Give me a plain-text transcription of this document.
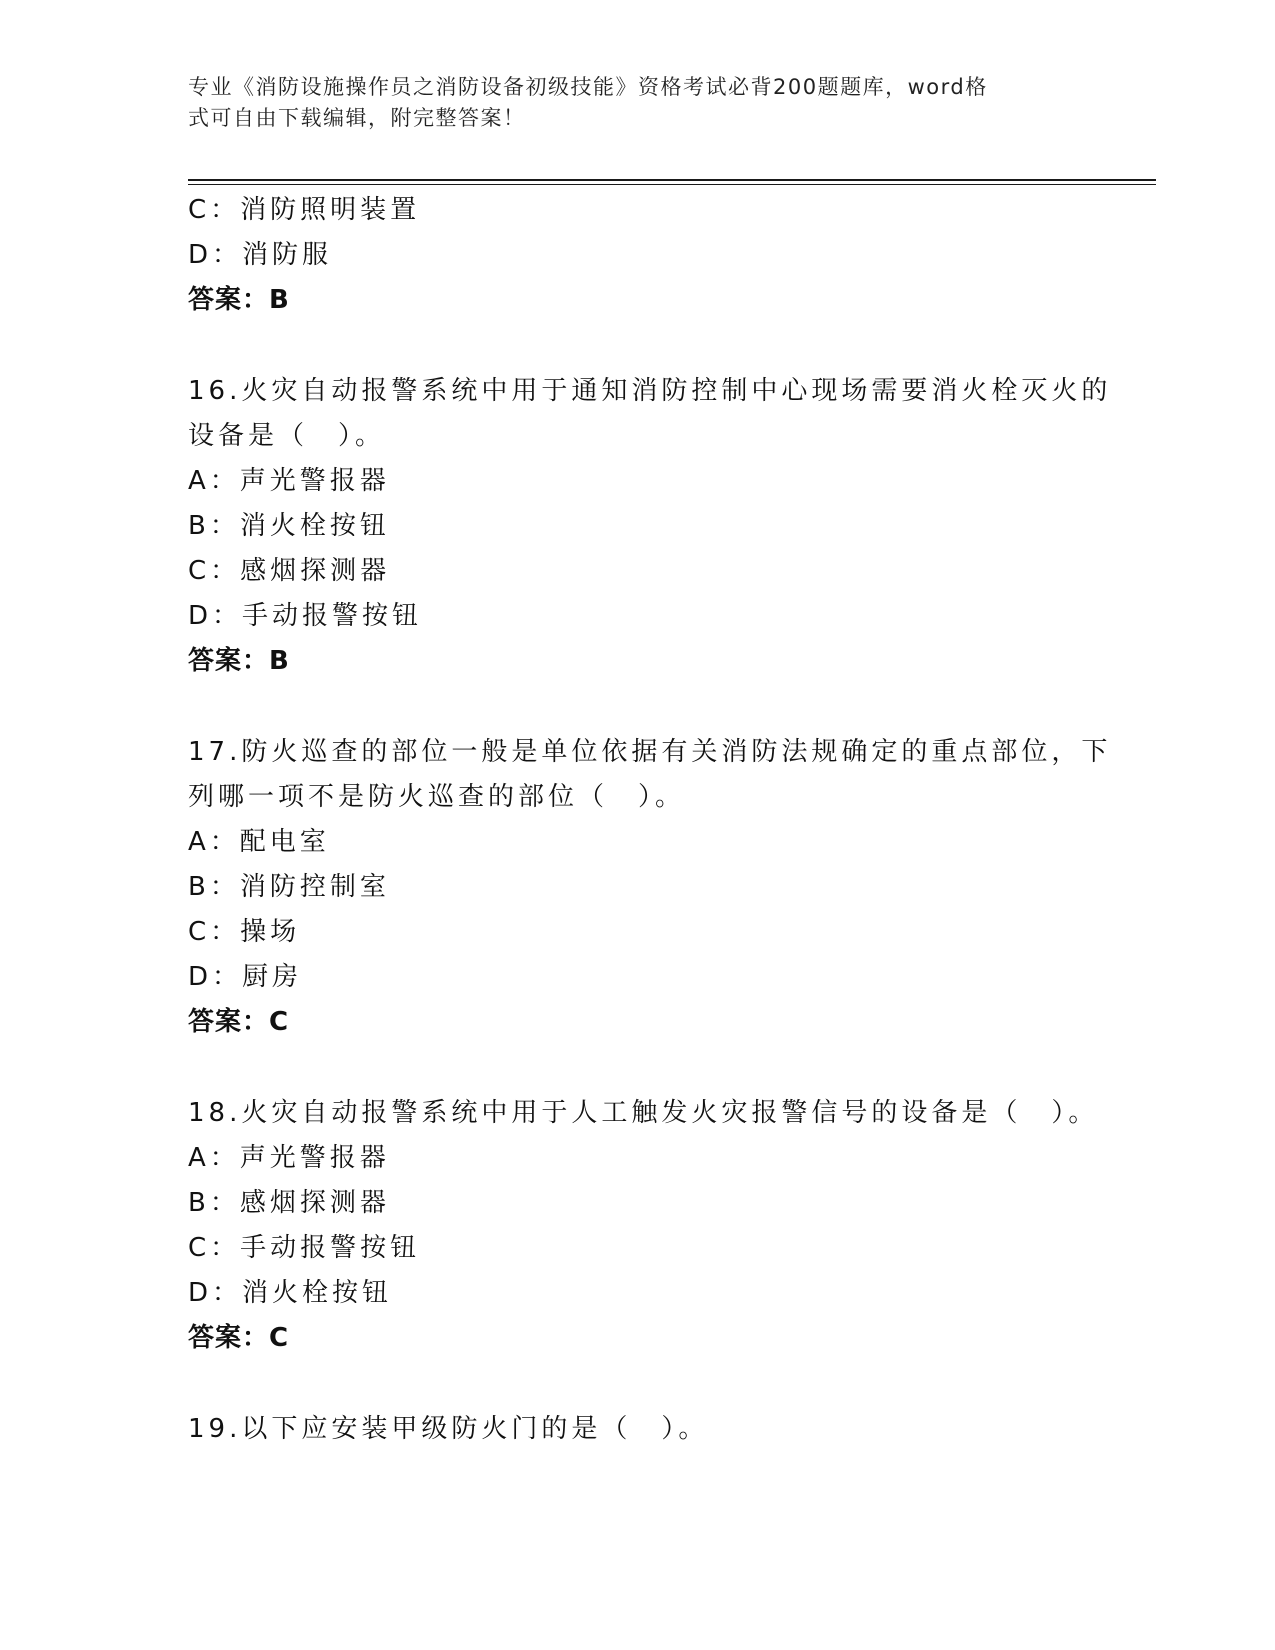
专业《消防设施操作员之消防设备初级技能》资格考试必背200题题库，word格
式可自由下载编辑，附完整答案！
C：消防照明装置
D：消防服
答案：B
16.火灾自动报警系统中用于通知消防控制中心现场需要消火栓灭火的
设备是（　）。
A：声光警报器
B：消火栓按钮
C：感烟探测器
D：手动报警按钮
答案：B
17.防火巡查的部位一般是单位依据有关消防法规确定的重点部位，下
列哪一项不是防火巡查的部位（　）。
A：配电室
B：消防控制室
C：操场
D：厨房
答案：C
18.火灾自动报警系统中用于人工触发火灾报警信号的设备是（　）。
A：声光警报器
B：感烟探测器
C：手动报警按钮
D：消火栓按钮
答案：C
19.以下应安装甲级防火门的是（　）。
